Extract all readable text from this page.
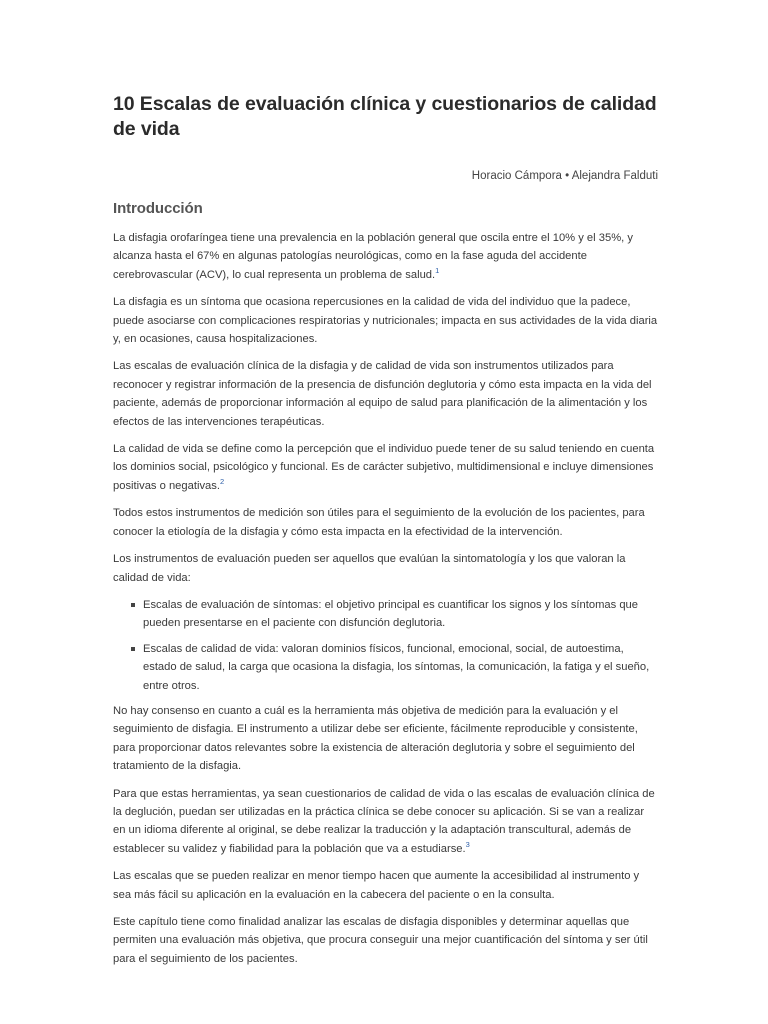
10 Escalas de evaluación clínica y cuestionarios de calidad de vida
Horacio Cámpora • Alejandra Falduti
Introducción

La disfagia orofaríngea tiene una prevalencia en la población general que oscila entre el 10% y el 35%, y alcanza hasta el 67% en algunas patologías neurológicas, como en la fase aguda del accidente cerebrovascular (ACV), lo cual representa un problema de salud.$^1$

La disfagia es un síntoma que ocasiona repercusiones en la calidad de vida del individuo que la padece, puede asociarse con complicaciones respiratorias y nutricionales; impacta en sus actividades de la vida diaria y, en ocasiones, causa hospitalizaciones.

Las escalas de evaluación clínica de la disfagia y de calidad de vida son instrumentos utilizados para reconocer y registrar información de la presencia de disfunción deglutoria y cómo esta impacta en la vida del paciente, además de proporcionar información al equipo de salud para planificación de la alimentación y los efectos de las intervenciones terapéuticas.

La calidad de vida se define como la percepción que el individuo puede tener de su salud teniendo en cuenta los dominios social, psicológico y funcional. Es de carácter subjetivo, multidimensional e incluye dimensiones positivas o negativas.$^2$

Todos estos instrumentos de medición son útiles para el seguimiento de la evolución de los pacientes, para conocer la etiología de la disfagia y cómo esta impacta en la efectividad de la intervención.

Los instrumentos de evaluación pueden ser aquellos que evalúan la sintomatología y los que valoran la calidad de vida:

Escalas de evaluación de síntomas: el objetivo principal es cuantificar los signos y los síntomas que pueden presentarse en el paciente con disfunción deglutoria.
Escalas de calidad de vida: valoran dominios físicos, funcional, emocional, social, de autoestima, estado de salud, la carga que ocasiona la disfagia, los síntomas, la comunicación, la fatiga y el sueño, entre otros.

No hay consenso en cuanto a cuál es la herramienta más objetiva de medición para la evaluación y el seguimiento de disfagia. El instrumento a utilizar debe ser eficiente, fácilmente reproducible y consistente, para proporcionar datos relevantes sobre la existencia de alteración deglutoria y sobre el seguimiento del tratamiento de la disfagia.

Para que estas herramientas, ya sean cuestionarios de calidad de vida o las escalas de evaluación clínica de la deglución, puedan ser utilizadas en la práctica clínica se debe conocer su aplicación. Si se van a realizar en un idioma diferente al original, se debe realizar la traducción y la adaptación transcultural, además de establecer su validez y fiabilidad para la población que va a estudiarse.$^3$

Las escalas que se pueden realizar en menor tiempo hacen que aumente la accesibilidad al instrumento y sea más fácil su aplicación en la evaluación en la cabecera del paciente o en la consulta.

Este capítulo tiene como finalidad analizar las escalas de disfagia disponibles y determinar aquellas que permiten una evaluación más objetiva, que procura conseguir una mejor cuantificación del síntoma y ser útil para el seguimiento de los pacientes.
